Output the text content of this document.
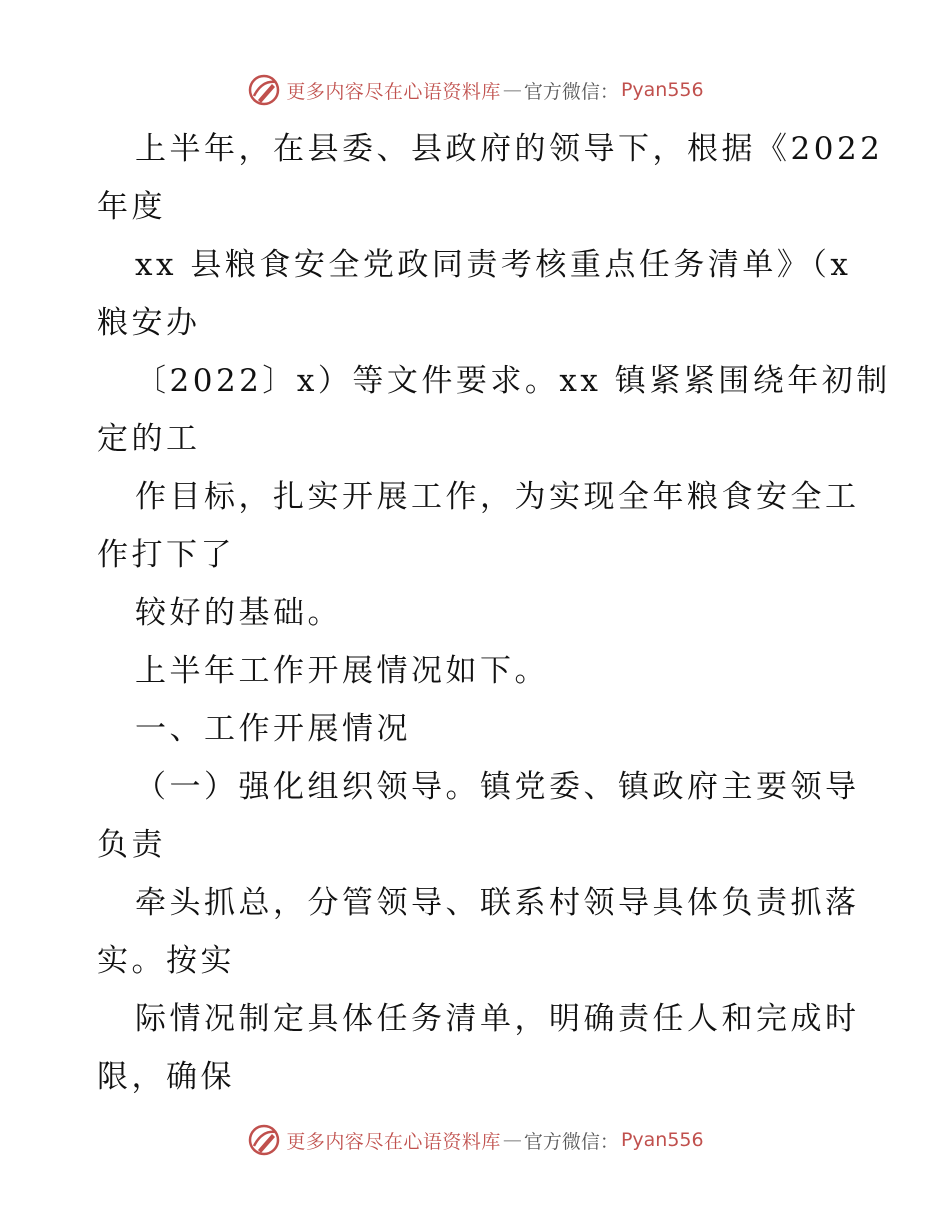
更多内容尽在心语资料库 — 官方微信： Pyan556
上半年，在县委、县政府的领导下，根据《2022
年度
xx 县粮食安全党政同责考核重点任务清单》（x
粮安办
〔2022〕x）等文件要求。xx 镇紧紧围绕年初制
定的工
作目标，扎实开展工作，为实现全年粮食安全工
作打下了
较好的基础。
上半年工作开展情况如下。
一、工作开展情况
（一）强化组织领导。镇党委、镇政府主要领导
负责
牵头抓总，分管领导、联系村领导具体负责抓落
实。按实
际情况制定具体任务清单，明确责任人和完成时
限，确保
更多内容尽在心语资料库 — 官方微信： Pyan556
